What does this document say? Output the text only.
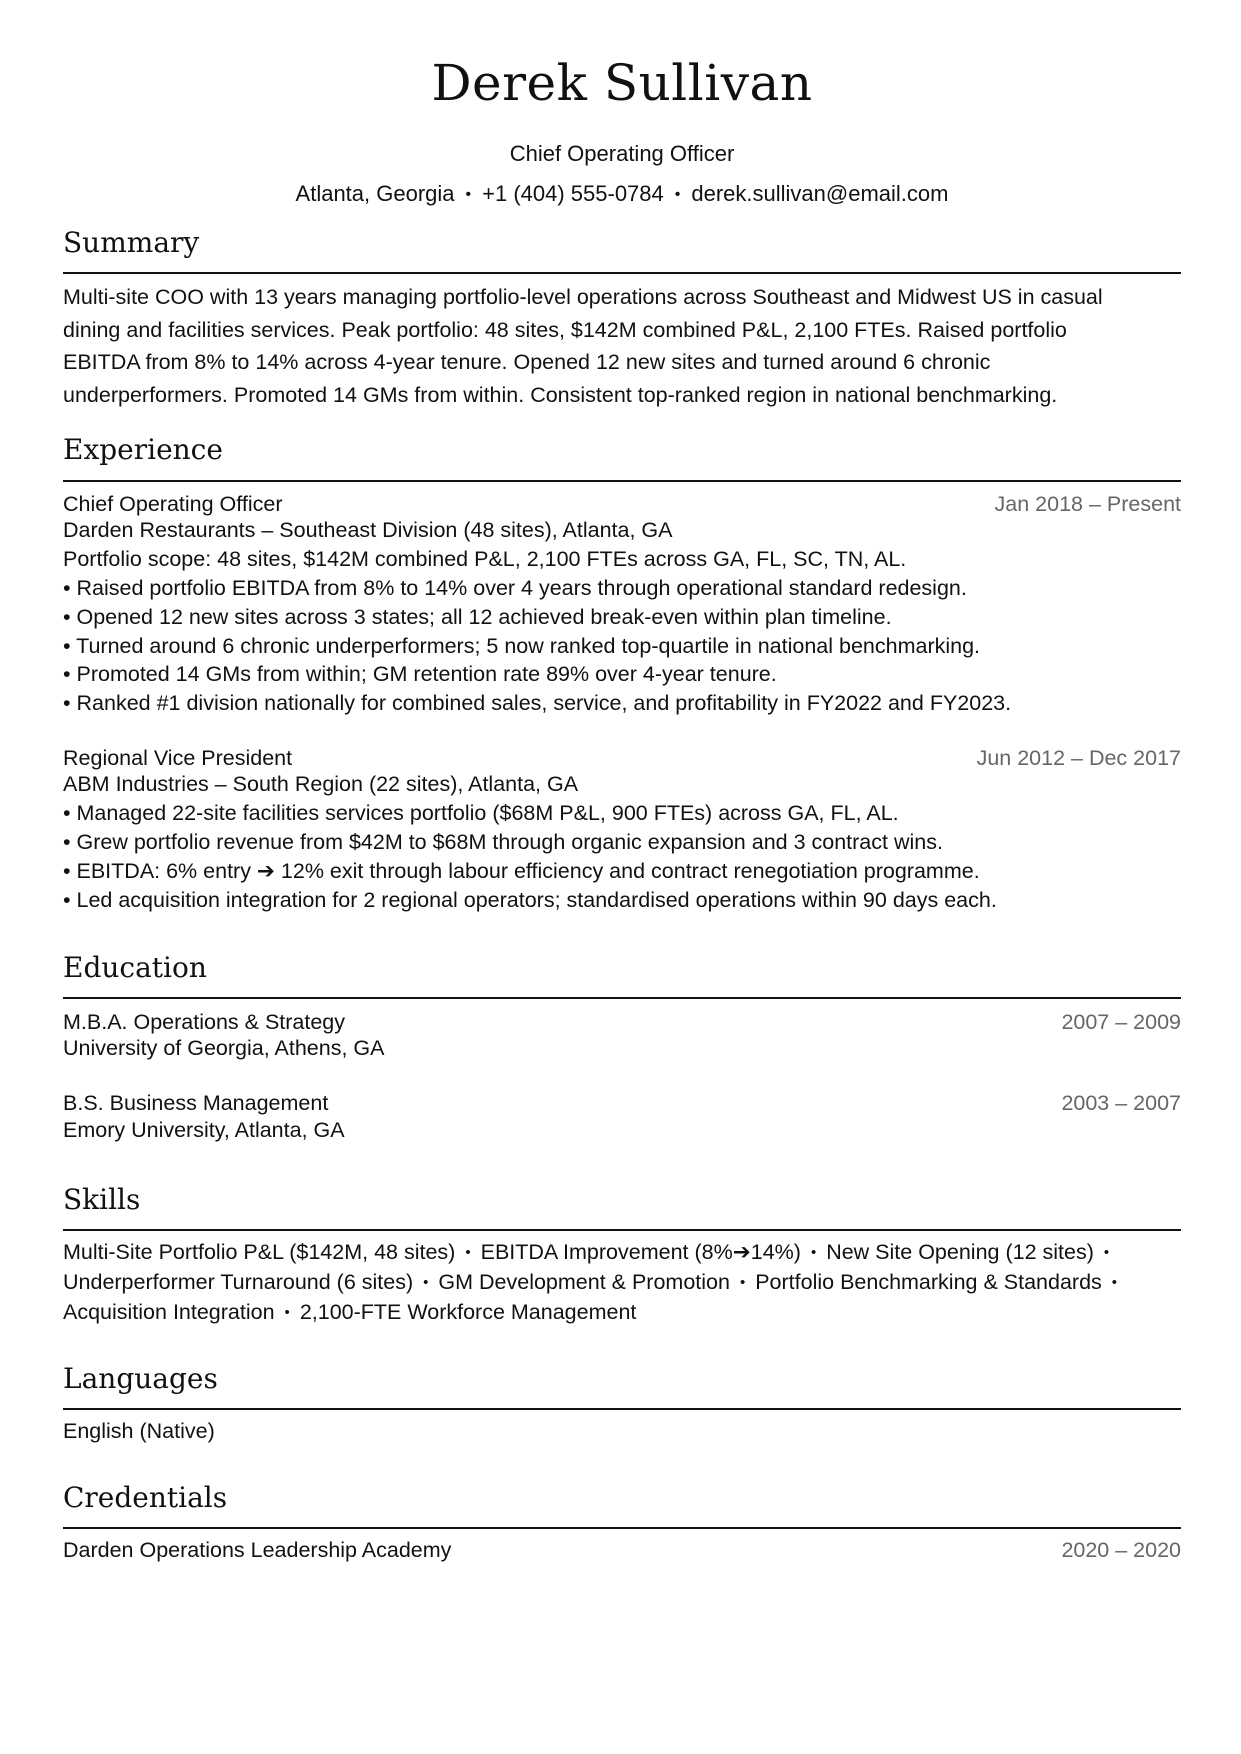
Derek Sullivan
Chief Operating Officer
Atlanta, Georgia • +1 (404) 555-0784 • derek.sullivan@email.com
Summary
Multi-site COO with 13 years managing portfolio-level operations across Southeast and Midwest US in casual
dining and facilities services. Peak portfolio: 48 sites, $142M combined P&L, 2,100 FTEs. Raised portfolio
EBITDA from 8% to 14% across 4-year tenure. Opened 12 new sites and turned around 6 chronic
underperformers. Promoted 14 GMs from within. Consistent top-ranked region in national benchmarking.
Experience
Chief Operating Officer	Jan 2018 – Present
Darden Restaurants – Southeast Division (48 sites), Atlanta, GA
Portfolio scope: 48 sites, $142M combined P&L, 2,100 FTEs across GA, FL, SC, TN, AL.
• Raised portfolio EBITDA from 8% to 14% over 4 years through operational standard redesign.
• Opened 12 new sites across 3 states; all 12 achieved break-even within plan timeline.
• Turned around 6 chronic underperformers; 5 now ranked top-quartile in national benchmarking.
• Promoted 14 GMs from within; GM retention rate 89% over 4-year tenure.
• Ranked #1 division nationally for combined sales, service, and profitability in FY2022 and FY2023.
Regional Vice President	Jun 2012 – Dec 2017
ABM Industries – South Region (22 sites), Atlanta, GA
• Managed 22-site facilities services portfolio ($68M P&L, 900 FTEs) across GA, FL, AL.
• Grew portfolio revenue from $42M to $68M through organic expansion and 3 contract wins.
• EBITDA: 6% entry ➔ 12% exit through labour efficiency and contract renegotiation programme.
• Led acquisition integration for 2 regional operators; standardised operations within 90 days each.
Education
M.B.A. Operations & Strategy	2007 – 2009
University of Georgia, Athens, GA
B.S. Business Management	2003 – 2007
Emory University, Atlanta, GA
Skills
Multi-Site Portfolio P&L ($142M, 48 sites) • EBITDA Improvement (8%➔14%) • New Site Opening (12 sites) •
Underperformer Turnaround (6 sites) • GM Development & Promotion • Portfolio Benchmarking & Standards •
Acquisition Integration • 2,100-FTE Workforce Management
Languages
English (Native)
Credentials
Darden Operations Leadership Academy	2020 – 2020
